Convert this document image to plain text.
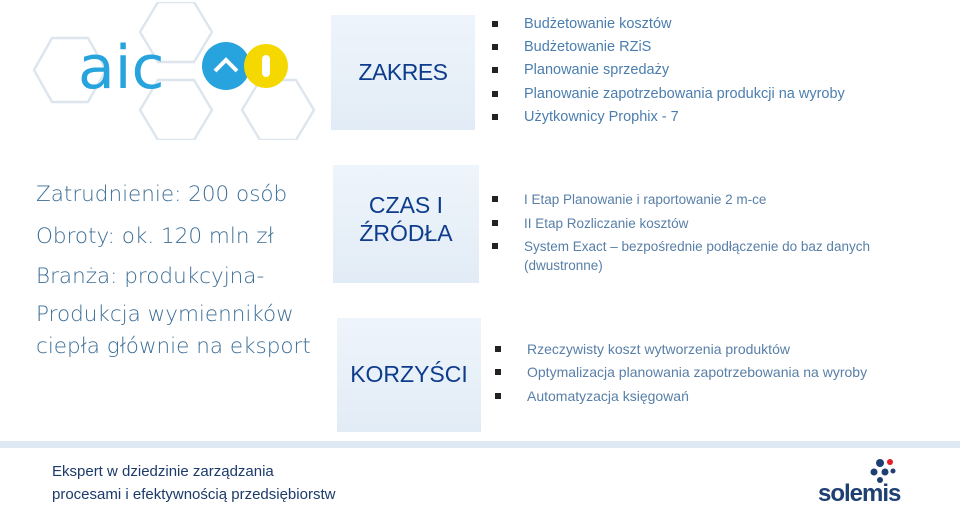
aic
Zatrudnienie: 200 osób
Obroty: ok. 120 mln zł
Branża: produkcyjna-
Produkcja wymienników ciepła głównie na eksport
ZAKRES
CZAS I
ŹRÓDŁA
KORZYŚCI
Budżetowanie kosztów
Budżetowanie RZiS
Planowanie sprzedaży
Planowanie zapotrzebowania produkcji na wyroby
Użytkownicy Prophix - 7
I Etap Planowanie i raportowanie 2 m-ce
II Etap Rozliczanie kosztów
System Exact – bezpośrednie podłączenie do baz danych (dwustronne)
Rzeczywisty koszt wytworzenia produktów
Optymalizacja planowania zapotrzebowania na wyroby
Automatyzacja księgowań
Ekspert w dziedzinie zarządzania
procesami i efektywnością przedsiębiorstw	solemis
